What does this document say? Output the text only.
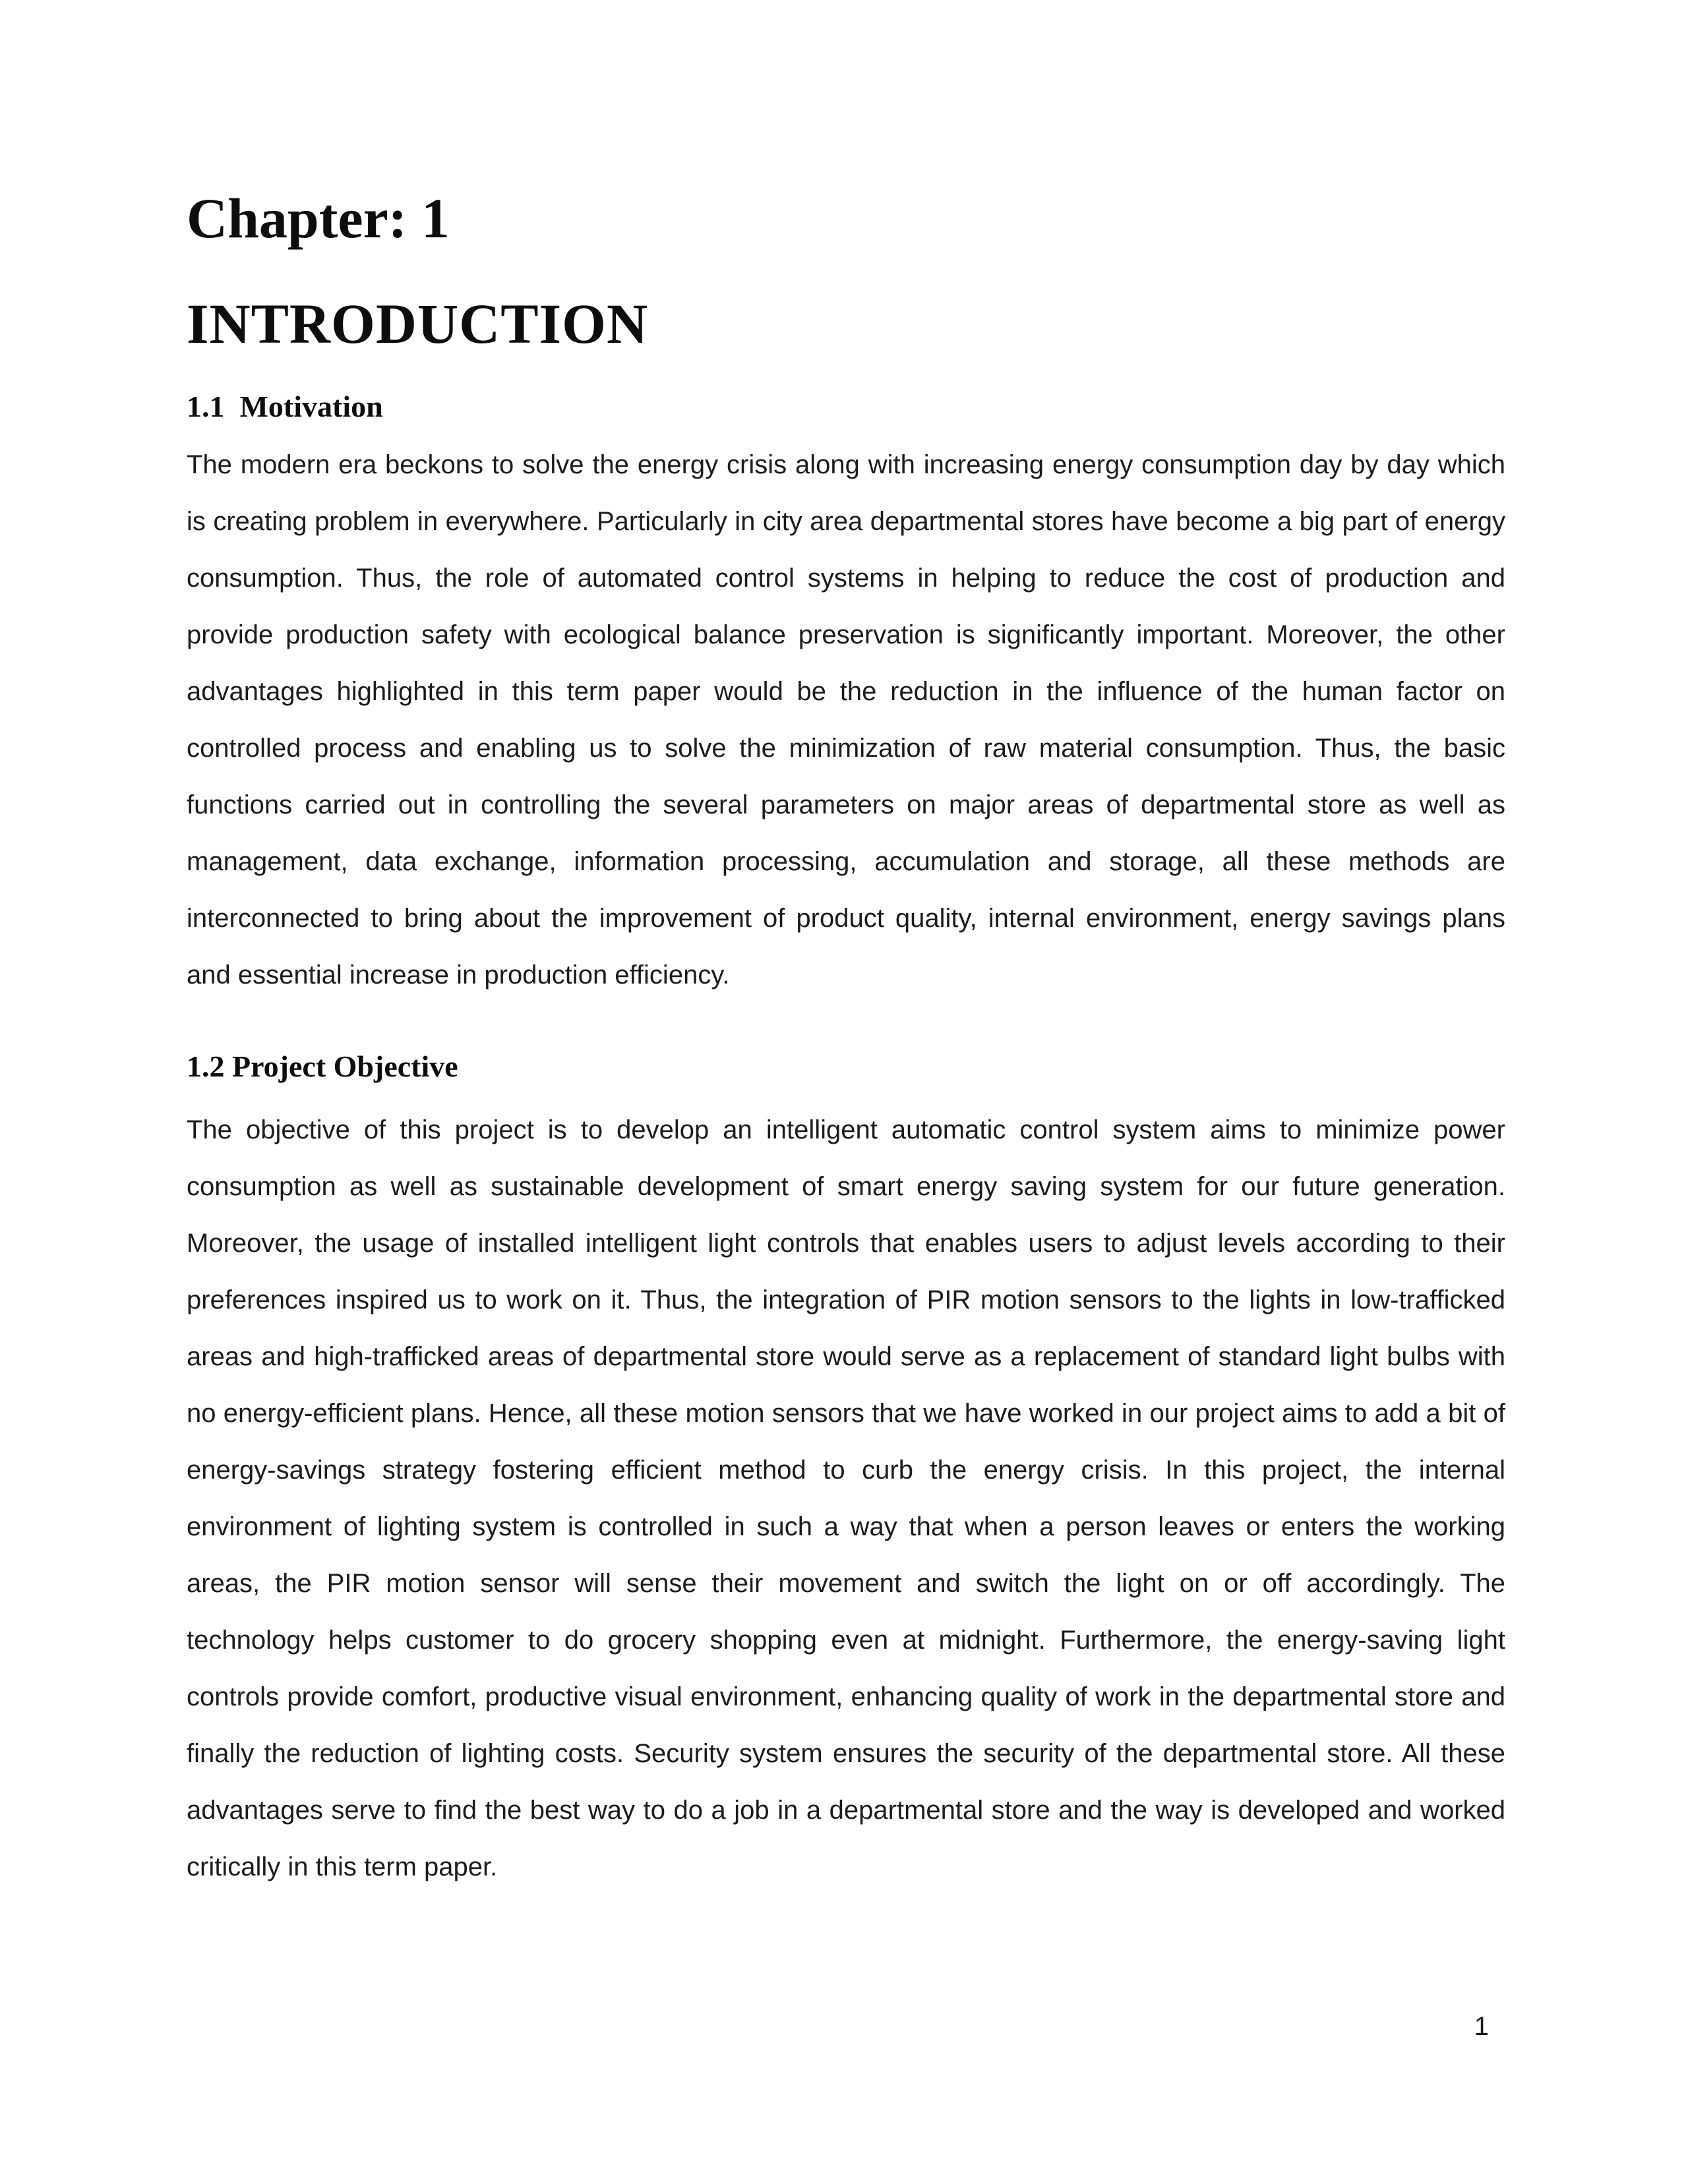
Chapter: 1
INTRODUCTION
1.1  Motivation

The modern era beckons to solve the energy crisis along with increasing energy consumption day by day which is creating problem in everywhere. Particularly in city area departmental stores have become a big part of energy consumption. Thus, the role of automated control systems in helping to reduce the cost of production and provide production safety with ecological balance preservation is significantly important. Moreover, the other advantages highlighted in this term paper would be the reduction in the influence of the human factor on controlled process and enabling us to solve the minimization of raw material consumption. Thus, the basic functions carried out in controlling the several parameters on major areas of departmental store as well as management, data exchange, information processing, accumulation and storage, all these methods are interconnected to bring about the improvement of product quality, internal environment, energy savings plans and essential increase in production efficiency.

1.2 Project Objective

The objective of this project is to develop an intelligent automatic control system aims to minimize power consumption as well as sustainable development of smart energy saving system for our future generation. Moreover, the usage of installed intelligent light controls that enables users to adjust levels according to their preferences inspired us to work on it. Thus, the integration of PIR motion sensors to the lights in low-trafficked areas and high-trafficked areas of departmental store would serve as a replacement of standard light bulbs with no energy-efficient plans. Hence, all these motion sensors that we have worked in our project aims to add a bit of energy-savings strategy fostering efficient method to curb the energy crisis. In this project, the internal environment of lighting system is controlled in such a way that when a person leaves or enters the working areas, the PIR motion sensor will sense their movement and switch the light on or off accordingly. The technology helps customer to do grocery shopping even at midnight. Furthermore, the energy-saving light controls provide comfort, productive visual environment, enhancing quality of work in the departmental store and finally the reduction of lighting costs. Security system ensures the security of the departmental store. All these advantages serve to find the best way to do a job in a departmental store and the way is developed and worked critically in this term paper.

1
